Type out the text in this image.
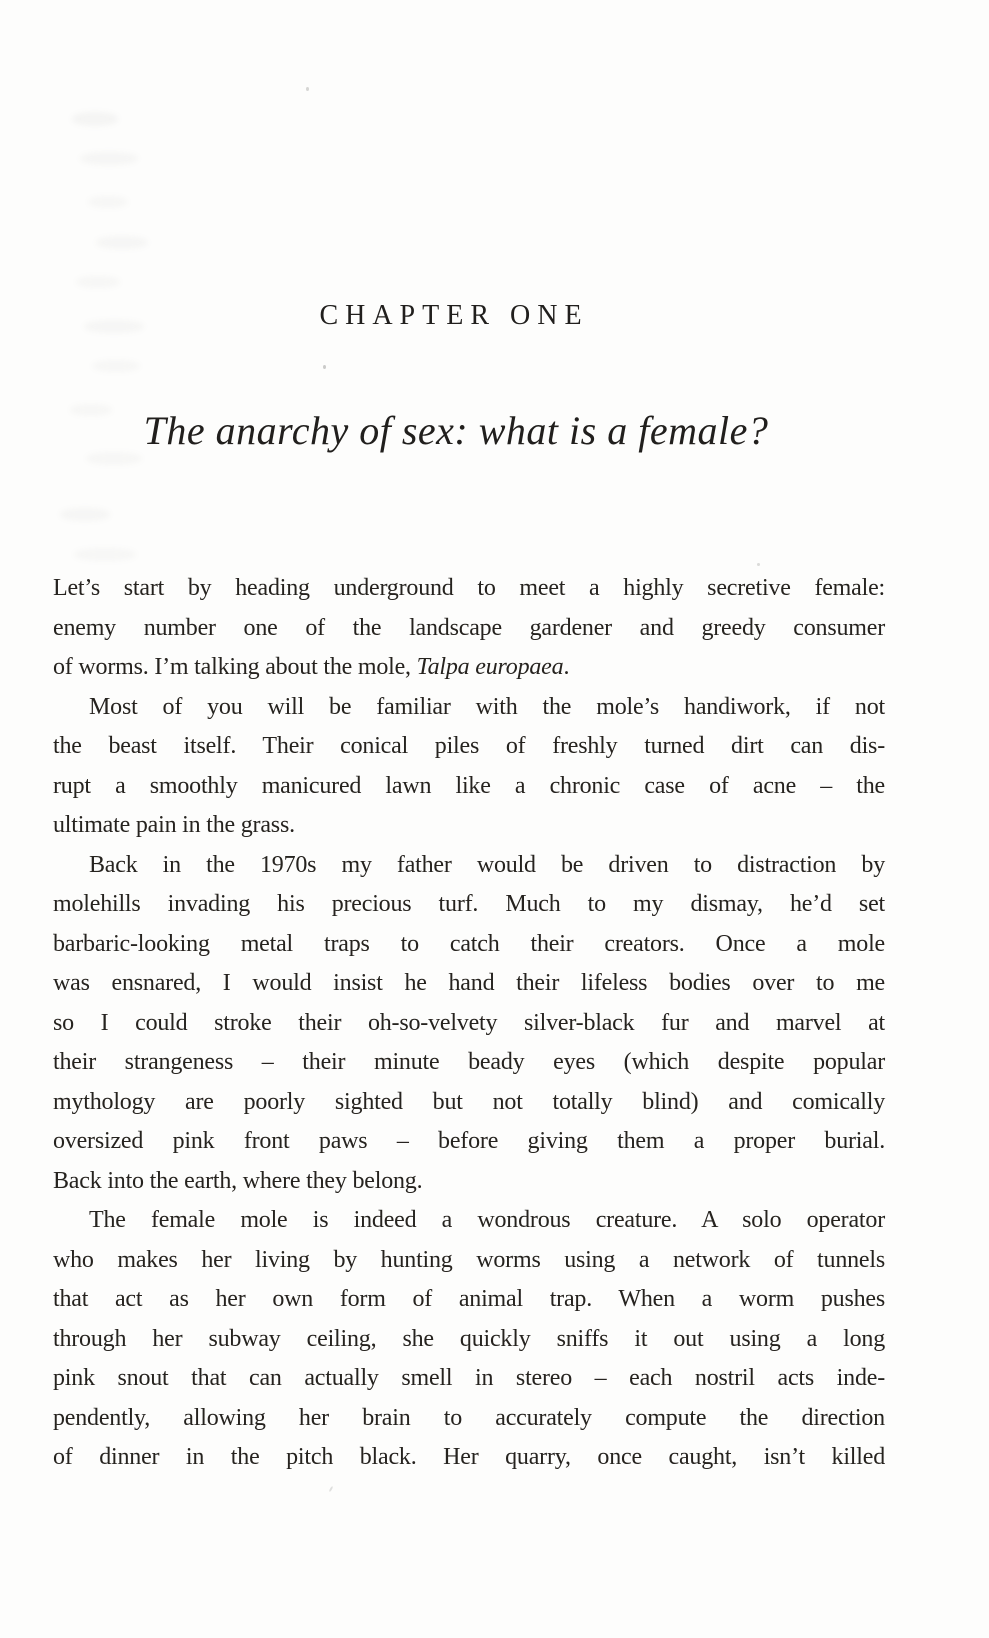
CHAPTER ONE
The anarchy of sex: what is a female?
Let’s start by heading underground to meet a highly secretive female:
enemy number one of the landscape gardener and greedy consumer
of worms. I’m talking about the mole, Talpa europaea.
Most of you will be familiar with the mole’s handiwork, if not
the beast itself. Their conical piles of freshly turned dirt can dis-
rupt a smoothly manicured lawn like a chronic case of acne – the
ultimate pain in the grass.
Back in the 1970s my father would be driven to distraction by
molehills invading his precious turf. Much to my dismay, he’d set
barbaric-looking metal traps to catch their creators. Once a mole
was ensnared, I would insist he hand their lifeless bodies over to me
so I could stroke their oh-so-velvety silver-black fur and marvel at
their strangeness – their minute beady eyes (which despite popular
mythology are poorly sighted but not totally blind) and comically
oversized pink front paws – before giving them a proper burial.
Back into the earth, where they belong.
The female mole is indeed a wondrous creature. A solo operator
who makes her living by hunting worms using a network of tunnels
that act as her own form of animal trap. When a worm pushes
through her subway ceiling, she quickly sniffs it out using a long
pink snout that can actually smell in stereo – each nostril acts inde-
pendently, allowing her brain to accurately compute the direction
of dinner in the pitch black. Her quarry, once caught, isn’t killed
